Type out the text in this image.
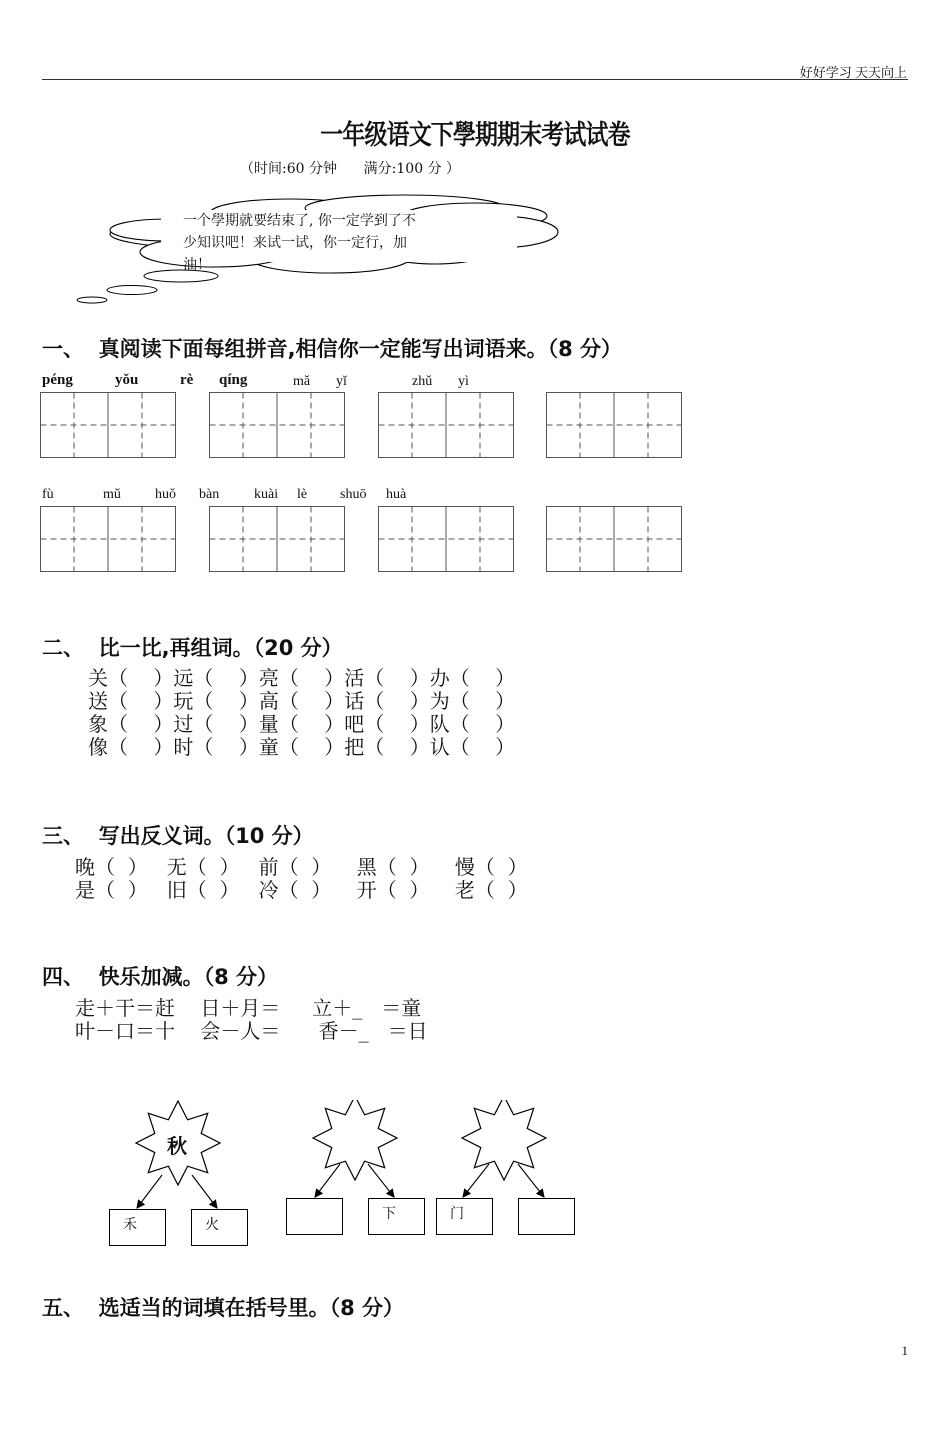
好好学习 天天向上
一年级语文下學期期末考试试卷
（时间:60 分钟      满分:100 分 ）
一个學期就要结束了, 你一定学到了不
少知识吧！来试一试，你一定行，加
油！
一、  真阅读下面每组拼音,相信你一定能写出词语来。（8 分）
péng	yǒu	rè qíng	mǎ yǐ	zhǔ yì
fù	mǔ huǒ bàn kuài lè shuō huà
二、  比一比,再组词。（20 分）
关（    ）远（    ）亮（    ）活（    ）办（    ）
送（    ）玩（    ）高（    ）话（    ）为（    ）
象（    ）过（    ）量（    ）吧（    ）队（    ）
像（    ）时（    ）童（    ）把（    ）认（    ）
三、  写出反义词。（10 分）
晚（  ）   无（  ）   前（  ）    黑（  ）    慢（  ）
是（  ）   旧（  ）   冷（  ）    开（  ）    老（  ）
四、  快乐加减。（8 分）
走＋干＝赶    日＋月＝     立＋_   ＝童
叶－口＝十    会－人＝      香－_   ＝日
秋
禾	火
下	门
五、  选适当的词填在括号里。（8 分）
1
